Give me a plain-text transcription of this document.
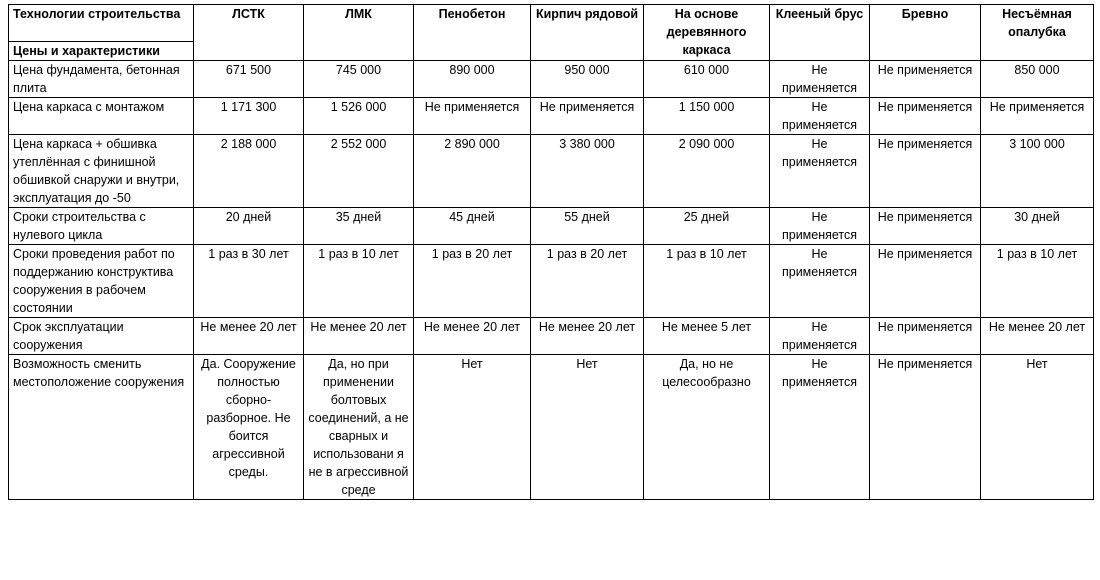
Технологии строительства
Цены и характеристики	ЛСТК	ЛМК	Пенобетон	Кирпич рядовой	На основе деревянного каркаса	Клееный брус	Бревно	Несъёмная опалубка
Цена фундамента, бетонная плита	671 500	745 000	890 000	950 000	610 000	Не применяется	Не применяется	850 000
Цена каркаса с монтажом	1 171 300	1 526 000	Не применяется	Не применяется	1 150 000	Не применяется	Не применяется	Не применяется
Цена каркаса + обшивка утеплённая с финишной обшивкой снаружи и внутри, эксплуатация до -50	2 188 000	2 552 000	2 890 000	3 380 000	2 090 000	Не применяется	Не применяется	3 100 000
Сроки строительства с нулевого цикла	20 дней	35 дней	45 дней	55 дней	25 дней	Не применяется	Не применяется	30 дней
Сроки проведения работ по поддержанию конструктива сооружения в рабочем состоянии	1 раз в 30 лет	1 раз в 10 лет	1 раз в 20 лет	1 раз в 20 лет	1 раз в 10 лет	Не применяется	Не применяется	1 раз в 10 лет
Срок эксплуатации сооружения	Не менее 20 лет	Не менее 20 лет	Не менее 20 лет	Не менее 20 лет	Не менее 5 лет	Не применяется	Не применяется	Не менее 20 лет
Возможность сменить местоположение сооружения	Да. Сооружение полностью сборно-разборное. Не боится агрессивной среды.	Да, но при применении болтовых соединений, а не сварных и использовани я не в агрессивной среде	Нет	Нет	Да, но не целесообразно	Не применяется	Не применяется	Нет
